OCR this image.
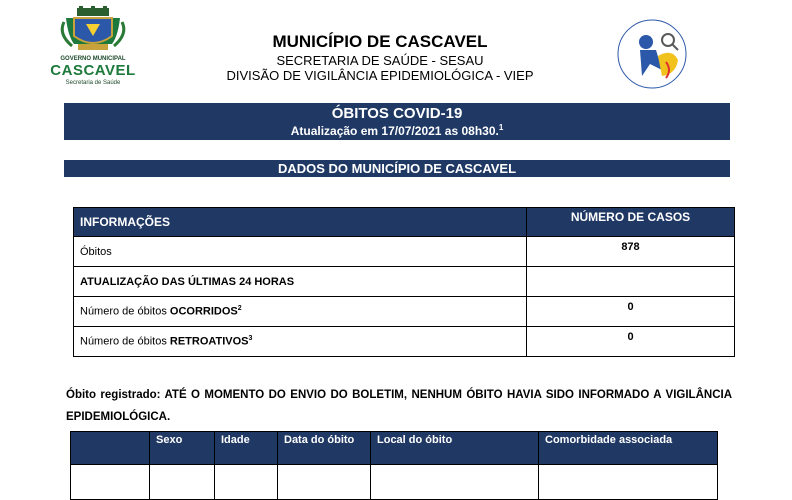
GOVERNO MUNICIPAL
CASCAVEL
Secretaria de Saúde
MUNICÍPIO DE CASCAVEL
SECRETARIA DE SAÚDE - SESAU
DIVISÃO DE VIGILÂNCIA EPIDEMIOLÓGICA - VIEP
ÓBITOS COVID-19
Atualização em 17/07/2021 as 08h30.$^1$
DADOS DO MUNICÍPIO DE CASCAVEL
INFORMAÇÕES	NÚMERO DE CASOS
Óbitos	878
ATUALIZAÇÃO DAS ÚLTIMAS 24 HORAS	
Número de óbitos OCORRIDOS$^2$	0
Número de óbitos RETROATIVOS$^3$	0
Óbito registrado: ATÉ O MOMENTO DO ENVIO DO BOLETIM, NENHUM ÓBITO HAVIA SIDO INFORMADO A VIGILÂNCIA EPIDEMIOLÓGICA.
	Sexo	Idade	Data do óbito	Local do óbito	Comorbidade associada
